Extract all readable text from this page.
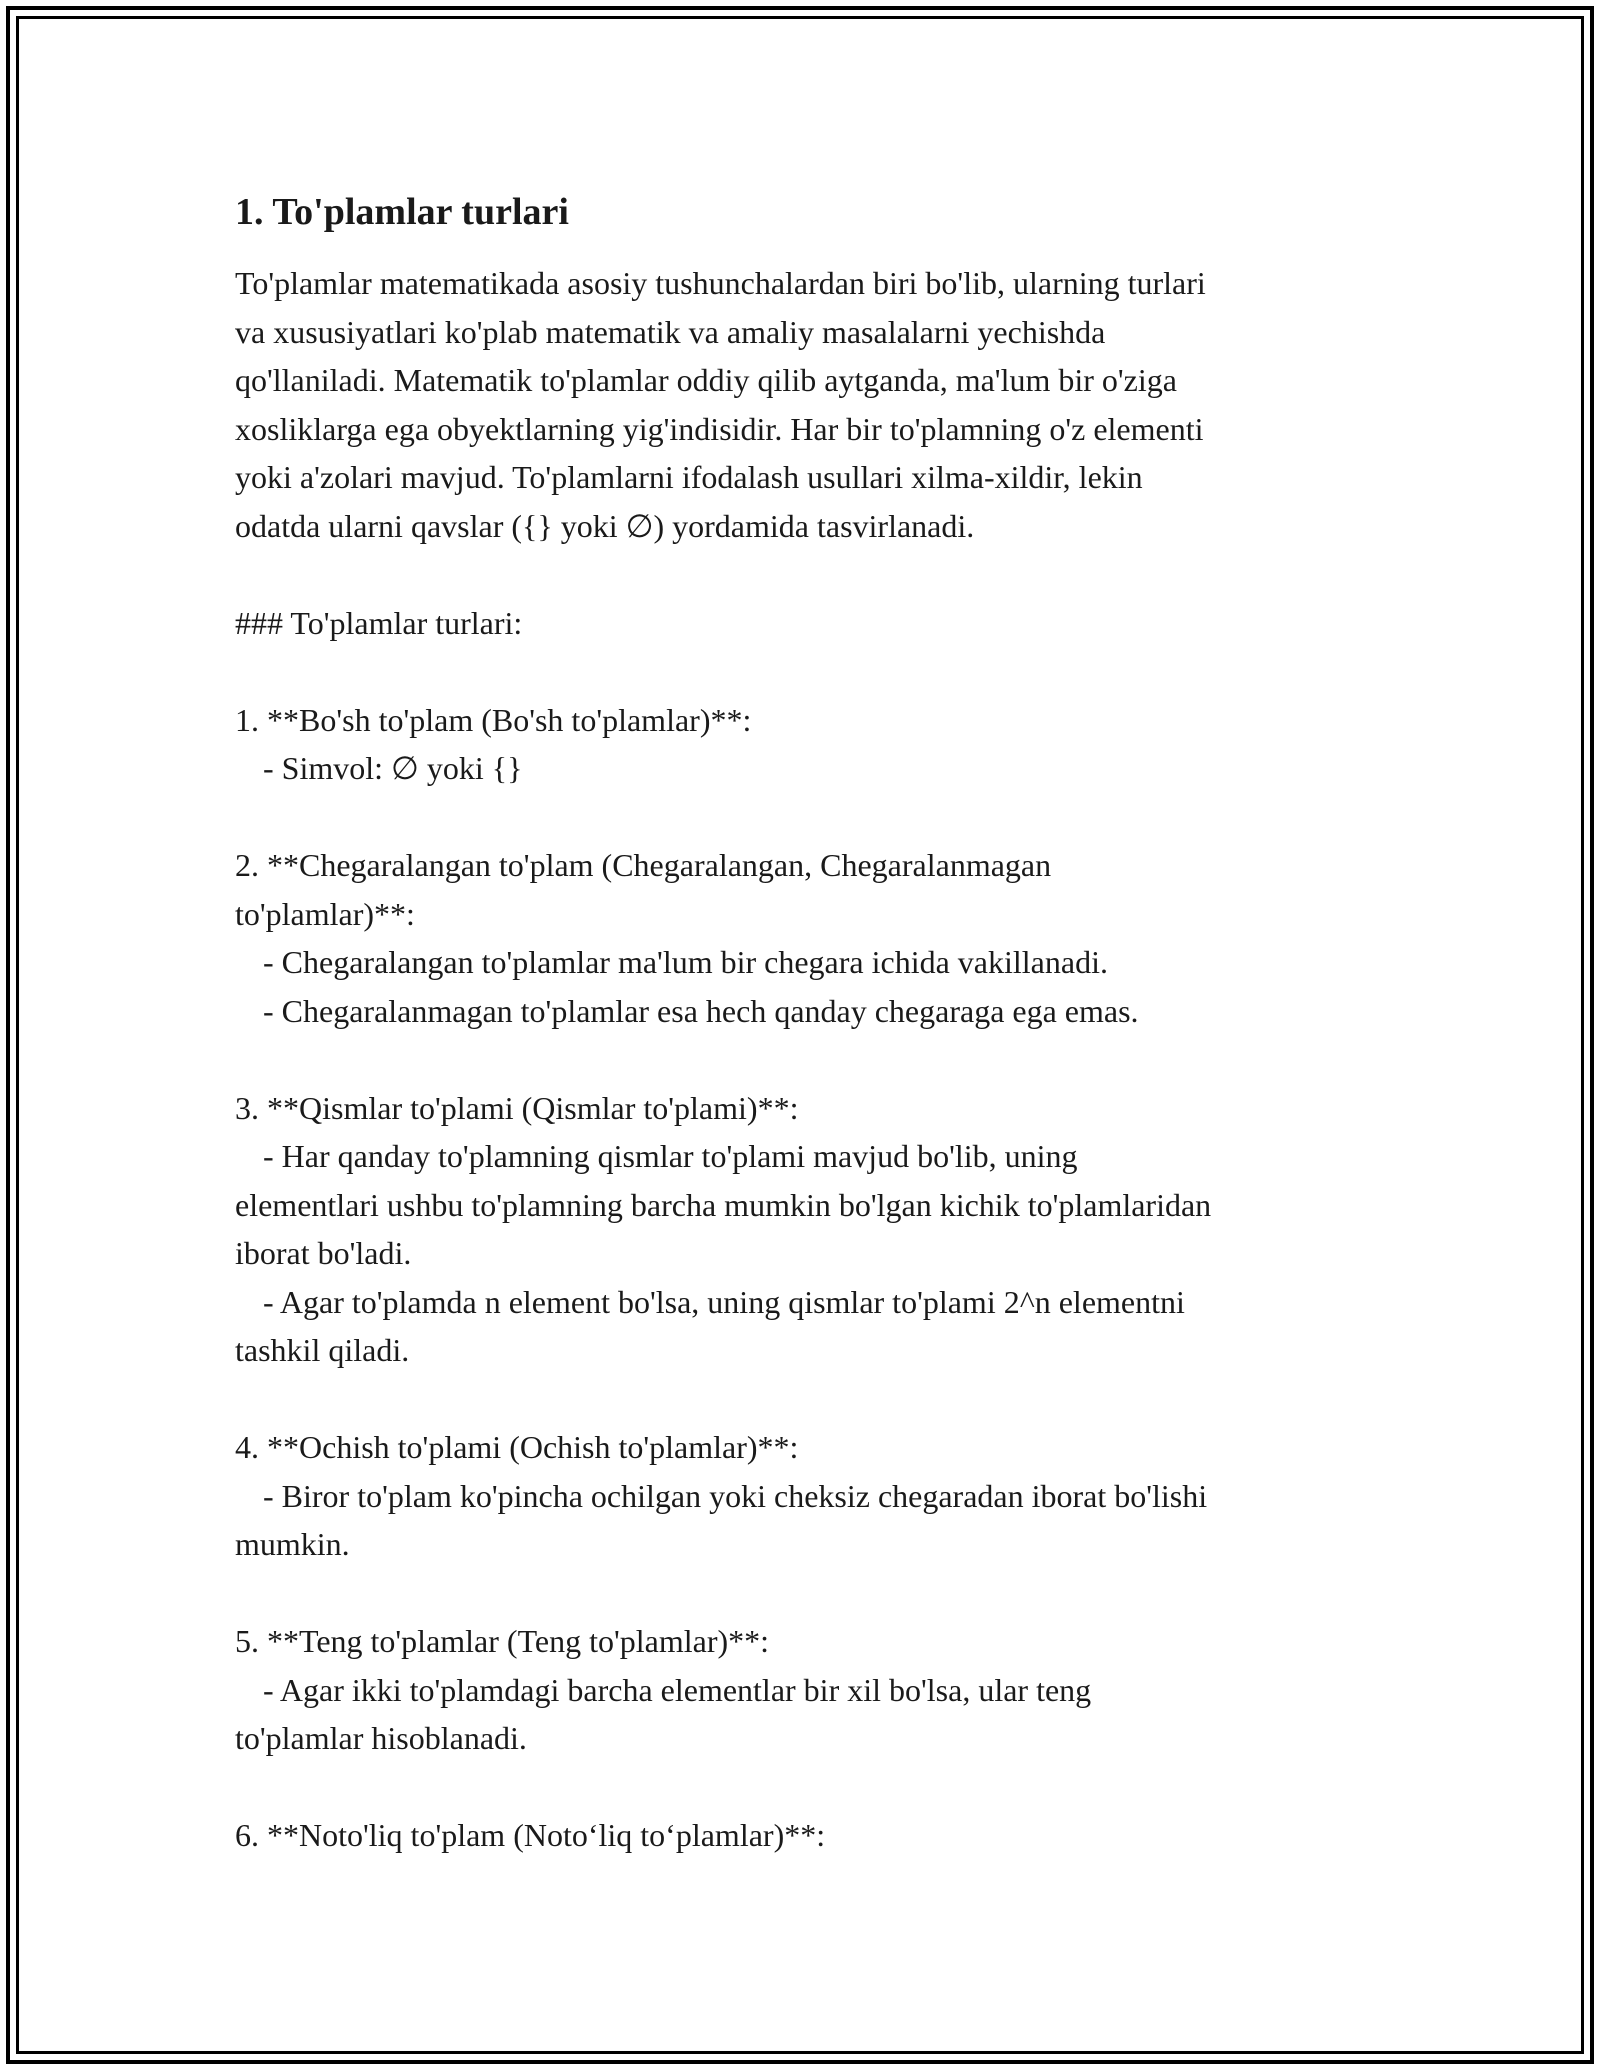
1. To'plamlar turlari
To'plamlar matematikada asosiy tushunchalardan biri bo'lib, ularning turlari
va xususiyatlari ko'plab matematik va amaliy masalalarni yechishda
qo'llaniladi. Matematik to'plamlar oddiy qilib aytganda, ma'lum bir o'ziga
xosliklarga ega obyektlarning yig'indisidir. Har bir to'plamning o'z elementi
yoki a'zolari mavjud. To'plamlarni ifodalash usullari xilma-xildir, lekin
odatda ularni qavslar ({} yoki ∅) yordamida tasvirlanadi.
### To'plamlar turlari:
1. **Bo'sh to'plam (Bo'sh to'plamlar)**:
- Simvol: ∅ yoki {}
2. **Chegaralangan to'plam (Chegaralangan, Chegaralanmagan
to'plamlar)**:
- Chegaralangan to'plamlar ma'lum bir chegara ichida vakillanadi.
- Chegaralanmagan to'plamlar esa hech qanday chegaraga ega emas.
3. **Qismlar to'plami (Qismlar to'plami)**:
- Har qanday to'plamning qismlar to'plami mavjud bo'lib, uning
elementlari ushbu to'plamning barcha mumkin bo'lgan kichik to'plamlaridan
iborat bo'ladi.
- Agar to'plamda n element bo'lsa, uning qismlar to'plami 2^n elementni
tashkil qiladi.
4. **Ochish to'plami (Ochish to'plamlar)**:
- Biror to'plam ko'pincha ochilgan yoki cheksiz chegaradan iborat bo'lishi
mumkin.
5. **Teng to'plamlar (Teng to'plamlar)**:
- Agar ikki to'plamdagi barcha elementlar bir xil bo'lsa, ular teng
to'plamlar hisoblanadi.
6. **Noto'liq to'plam (Noto‘liq to‘plamlar)**:
